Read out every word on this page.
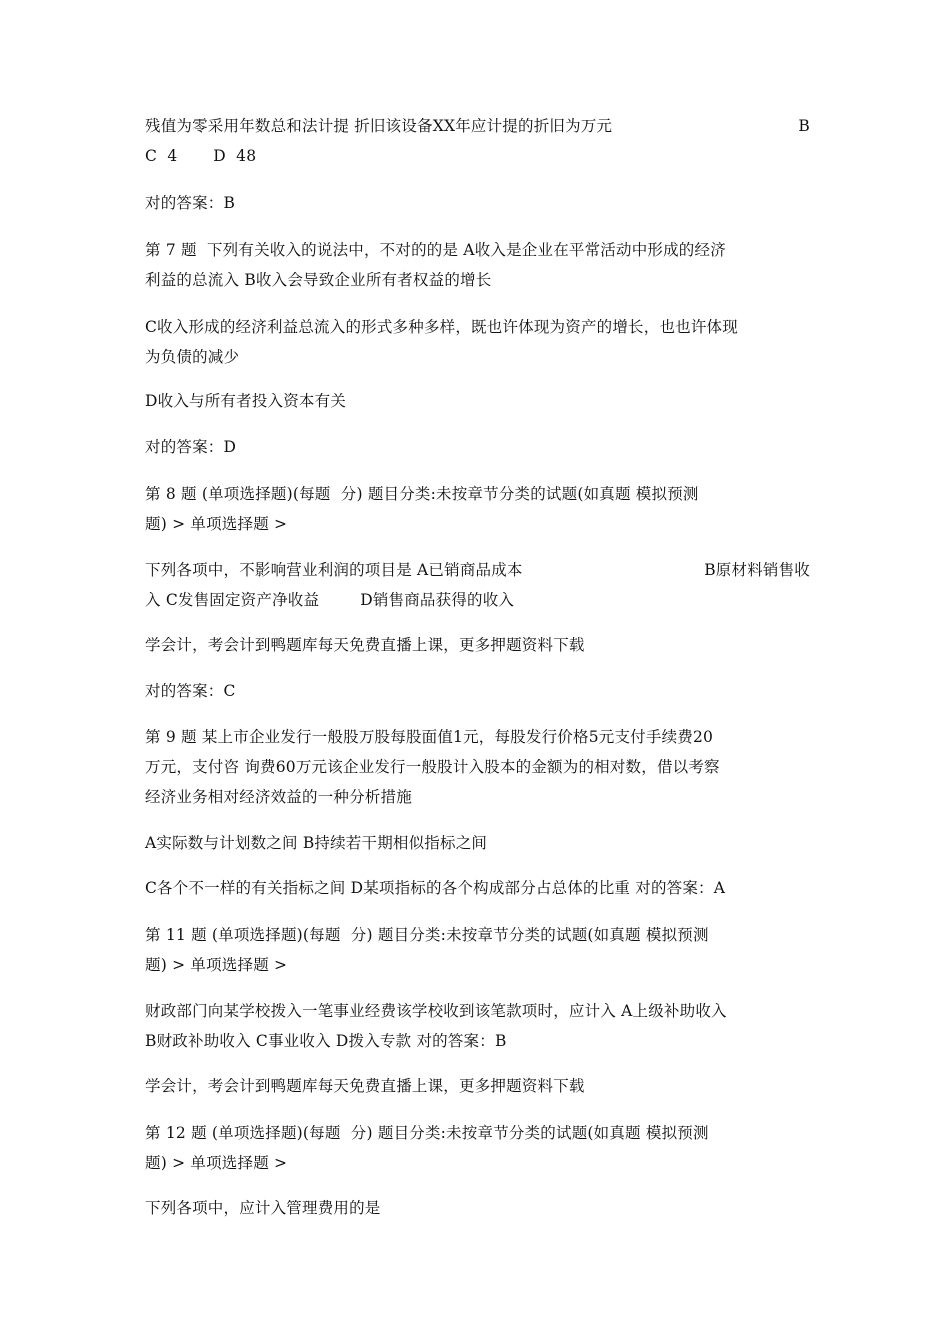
残值为零采用年数总和法计提 折旧该设备XX年应计提的折旧为万元	B
C  4       D  48
对的答案：B
第 7 题  下列有关收入的说法中，不对的的是 A收入是企业在平常活动中形成的经济
利益的总流入 B收入会导致企业所有者权益的增长
C收入形成的经济利益总流入的形式多种多样，既也许体现为资产的增长，也也许体现
为负债的减少
D收入与所有者投入资本有关
对的答案：D
第 8 题 (单项选择题)(每题  分) 题目分类:未按章节分类的试题(如真题 模拟预测
题) > 单项选择题 >
下列各项中，不影响营业利润的项目是 A已销商品成本	B原材料销售收
入 C发售固定资产净收益        D销售商品获得的收入
学会计，考会计到鸭题库每天免费直播上课，更多押题资料下载
对的答案：C
第 9 题 某上市企业发行一般股万股每股面值1元，每股发行价格5元支付手续费20
万元，支付咨 询费60万元该企业发行一般股计入股本的金额为的相对数，借以考察
经济业务相对经济效益的一种分析措施
A实际数与计划数之间 B持续若干期相似指标之间
C各个不一样的有关指标之间 D某项指标的各个构成部分占总体的比重 对的答案：A
第 11 题 (单项选择题)(每题  分) 题目分类:未按章节分类的试题(如真题 模拟预测
题) > 单项选择题 >
财政部门向某学校拨入一笔事业经费该学校收到该笔款项时，应计入 A上级补助收入
B财政补助收入 C事业收入 D拨入专款 对的答案：B
学会计，考会计到鸭题库每天免费直播上课，更多押题资料下载
第 12 题 (单项选择题)(每题  分) 题目分类:未按章节分类的试题(如真题 模拟预测
题) > 单项选择题 >
下列各项中，应计入管理费用的是
